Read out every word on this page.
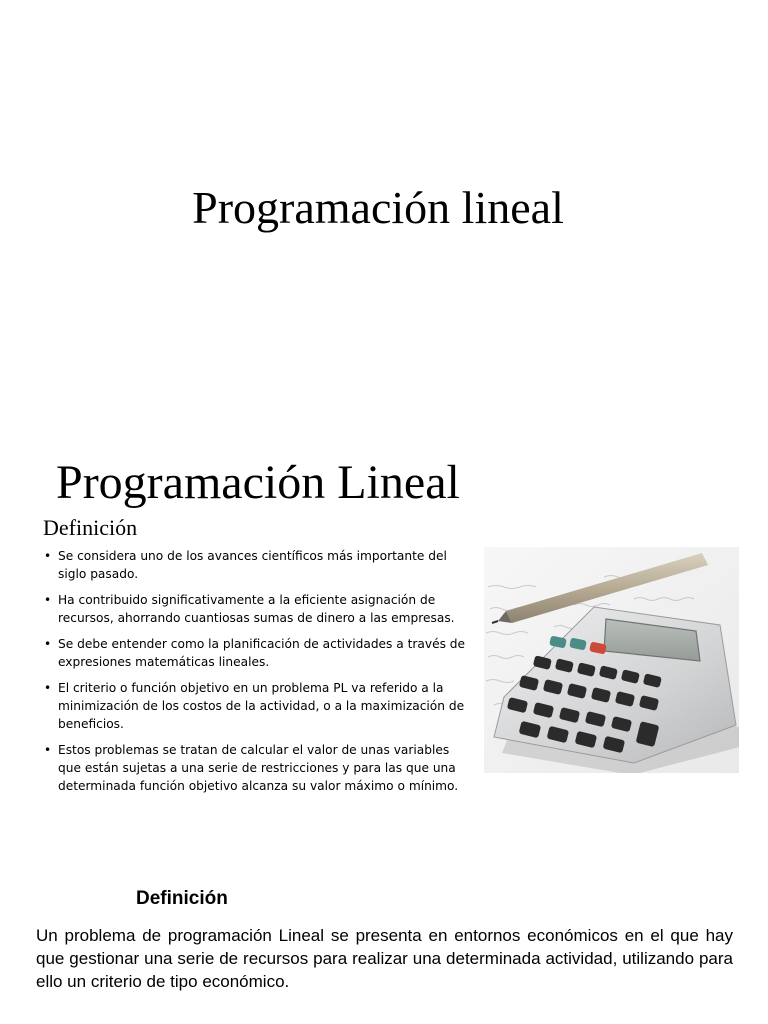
Programación lineal
Programación Lineal
Definición
• Se considera uno de los avances científicos más importante del siglo pasado.
• Ha contribuido significativamente a la eficiente asignación de recursos, ahorrando cuantiosas sumas de dinero a las empresas.
• Se debe entender como la planificación de actividades a través de expresiones matemáticas lineales.
• El criterio o función objetivo en un problema PL va referido a la minimización de los costos de la actividad, o a la maximización de beneficios.
• Estos problemas se tratan de calcular el valor de unas variables que están sujetas a una serie de restricciones y para las que una determinada función objetivo alcanza su valor máximo o mínimo.
Definición
Un problema de programación Lineal se presenta en entornos económicos en el que hay que gestionar una serie de recursos para realizar una determinada actividad, utilizando para ello un criterio de tipo económico.
